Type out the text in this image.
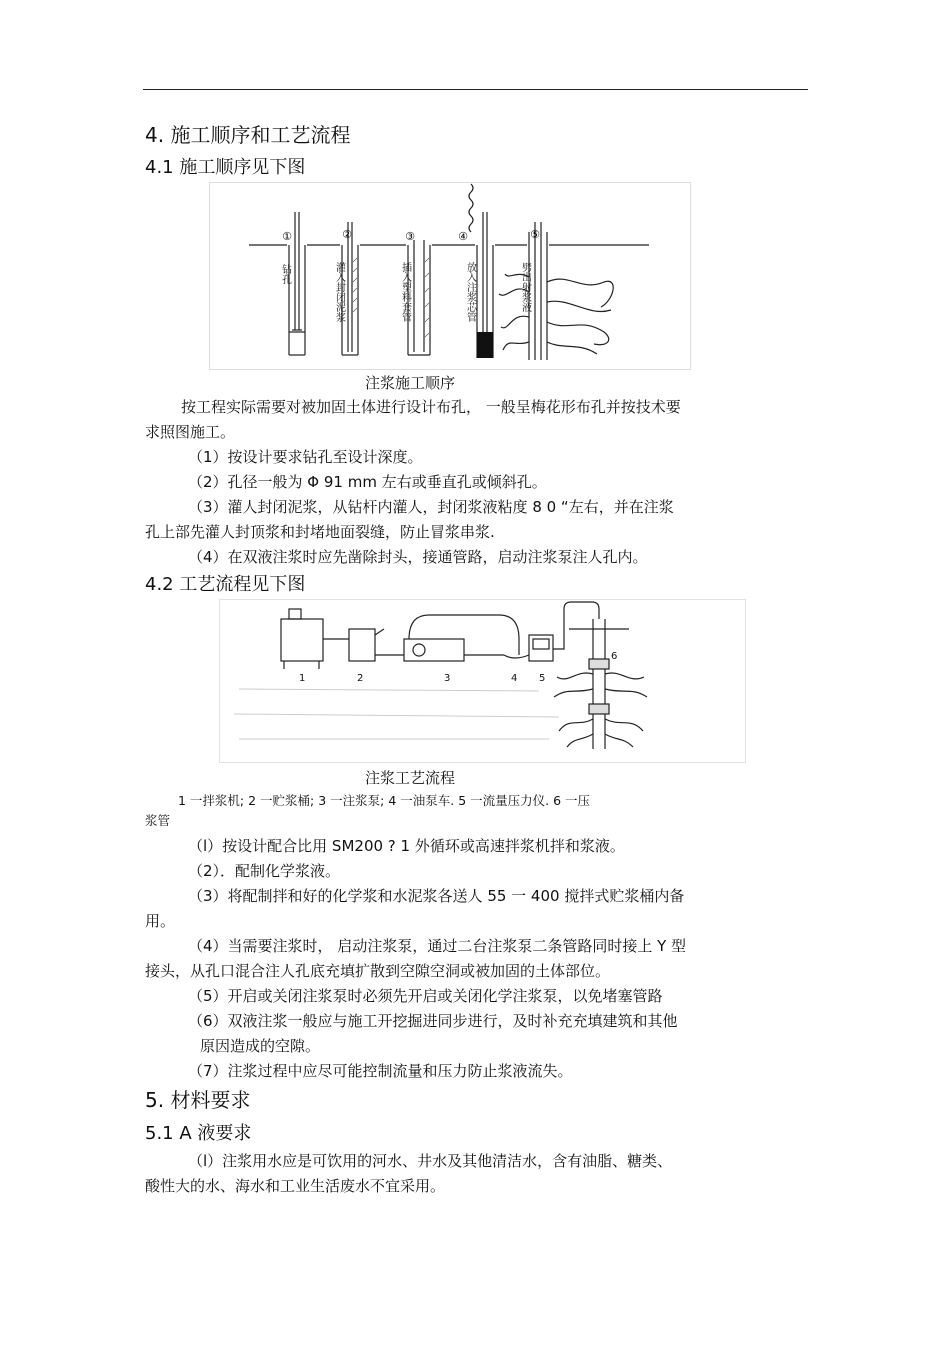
4. 施工顺序和工艺流程
4.1 施工顺序见下图
①	②	③	④	⑤
钻孔	灌入封闭泥浆	插入塑料套管	放入注浆芯管	劈出射浆液
注浆施工顺序
按工程实际需要对被加固土体进行设计布孔， 一般呈梅花形布孔并按技术要
求照图施工。
（1）按设计要求钻孔至设计深度。
（2）孔径一般为 Φ 91 mm 左右或垂直孔或倾斜孔。
（3）灌人封闭泥浆，从钻杆内灌人，封闭浆液粘度 8 0 “左右，并在注浆
孔上部先灌人封顶浆和封堵地面裂缝，防止冒浆串浆.
（4）在双液注浆时应先凿除封头，接通管路，启动注浆泵注人孔内。
4.2 工艺流程见下图
1	2	3	4 5
6
注浆工艺流程
1 一拌浆机; 2 一贮浆桶; 3 一注浆泵; 4 一油泵车. 5 一流量压力仪. 6 一压
浆管
（l）按设计配合比用 SM200 ? 1 外循环或高速拌浆机拌和浆液。
（2）．配制化学浆液。
（3）将配制拌和好的化学浆和水泥浆各送人 55 一 400 搅拌式贮浆桶内备
用。
（4）当需要注浆时， 启动注浆泵，通过二台注浆泵二条管路同时接上 Y 型
接头，从孔口混合注人孔底充填扩散到空隙空洞或被加固的土体部位。
（5）开启或关闭注浆泵时必须先开启或关闭化学注浆泵，以免堵塞管路
（6）双液注浆一般应与施工开挖掘进同步进行，及时补充充填建筑和其他
原因造成的空隙。
（7）注浆过程中应尽可能控制流量和压力防止浆液流失。
5. 材料要求
5.1 A 液要求
（l）注浆用水应是可饮用的河水、井水及其他清洁水，含有油脂、糖类、
酸性大的水、海水和工业生活废水不宜采用。
